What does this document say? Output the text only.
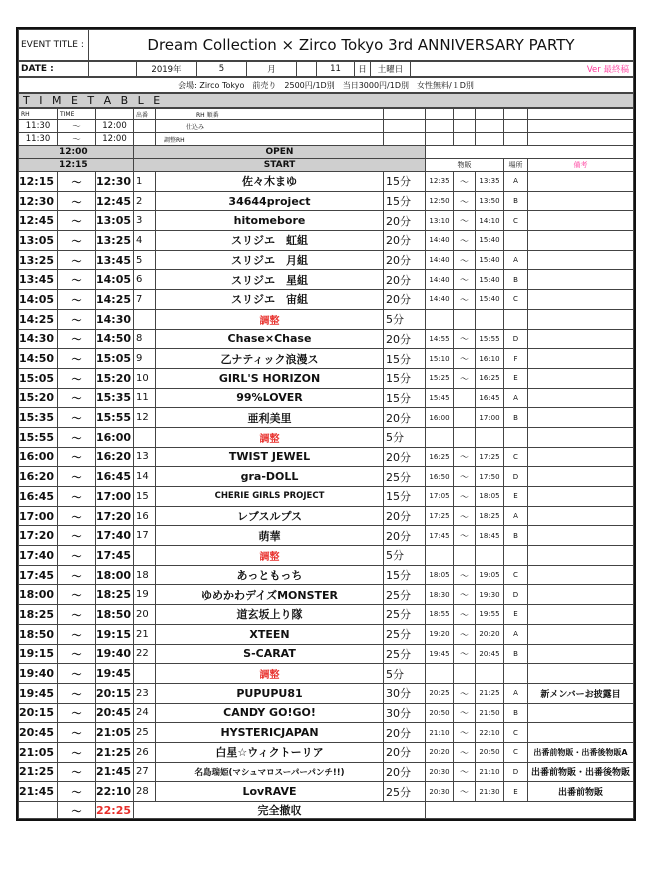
EVENT TITLE :	Dream Collection × Zirco Tokyo 3rd ANNIVERSARY PARTY
DATE :		2019年	5	月		11	日	土曜日	Ver 最終稿
会場: Zirco Tokyo　前売り　2500円/1D別　当日3000円/1D別　女性無料/１D別
T I M E T A B L E
RH	TIME		出番	RH 順番						
11:30	～	12:00		仕込み						
11:30	～	12:00		調整RH						
12:00			OPEN							
12:15			START			物販			場所	備考
12:15	～	12:30	1	佐々木まゆ	15分	12:35	～	13:35	A	
12:30	～	12:45	2	34644project	15分	12:50	～	13:50	B	
12:45	～	13:05	3	hitomebore	20分	13:10	～	14:10	C	
13:05	～	13:25	4	スリジエ　虹組	20分	14:40	～	15:40		
13:25	～	13:45	5	スリジエ　月組	20分	14:40	～	15:40	A	
13:45	～	14:05	6	スリジエ　星組	20分	14:40	～	15:40	B	
14:05	～	14:25	7	スリジエ　宙組	20分	14:40	～	15:40	C	
14:25	～	14:30		調整	5分					
14:30	～	14:50	8	Chase×Chase	20分	14:55	～	15:55	D	
14:50	～	15:05	9	乙ナティック浪漫ス	15分	15:10	～	16:10	F	
15:05	～	15:20	10	GIRL'S HORIZON	15分	15:25	～	16:25	E	
15:20	～	15:35	11	99%LOVER	15分	15:45		16:45	A	
15:35	～	15:55	12	亜利美里	20分	16:00		17:00	B	
15:55	～	16:00		調整	5分					
16:00	～	16:20	13	TWIST JEWEL	20分	16:25	～	17:25	C	
16:20	～	16:45	14	gra-DOLL	25分	16:50	～	17:50	D	
16:45	～	17:00	15	CHERIE GIRLS PROJECT	15分	17:05	～	18:05	E	
17:00	～	17:20	16	レブスルプス	20分	17:25	～	18:25	A	
17:20	～	17:40	17	萌華	20分	17:45	～	18:45	B	
17:40	～	17:45		調整	5分					
17:45	～	18:00	18	あっともっち	15分	18:05	～	19:05	C	
18:00	～	18:25	19	ゆめかわデイズMONSTER	25分	18:30	～	19:30	D	
18:25	～	18:50	20	道玄坂上り隊	25分	18:55	～	19:55	E	
18:50	～	19:15	21	XTEEN	25分	19:20	～	20:20	A	
19:15	～	19:40	22	S-CARAT	25分	19:45	～	20:45	B	
19:40	～	19:45		調整	5分					
19:45	～	20:15	23	PUPUPU81	30分	20:25	～	21:25	A	新メンバーお披露目
20:15	～	20:45	24	CANDY GO!GO!	30分	20:50	～	21:50	B	
20:45	～	21:05	25	HYSTERICJAPAN	20分	21:10	～	22:10	C	
21:05	～	21:25	26	白星☆ウィクトーリア	20分	20:20	～	20:50	C	出番前物販・出番後物販A
21:25	～	21:45	27	名島瑞姫(マシュマロスーパーパンチ!!)	20分	20:30	～	21:10	D	出番前物販・出番後物販
21:45	～	22:10	28	LovRAVE	25分	20:30	～	21:30	E	出番前物販
	～	22:25	完全撤収							
